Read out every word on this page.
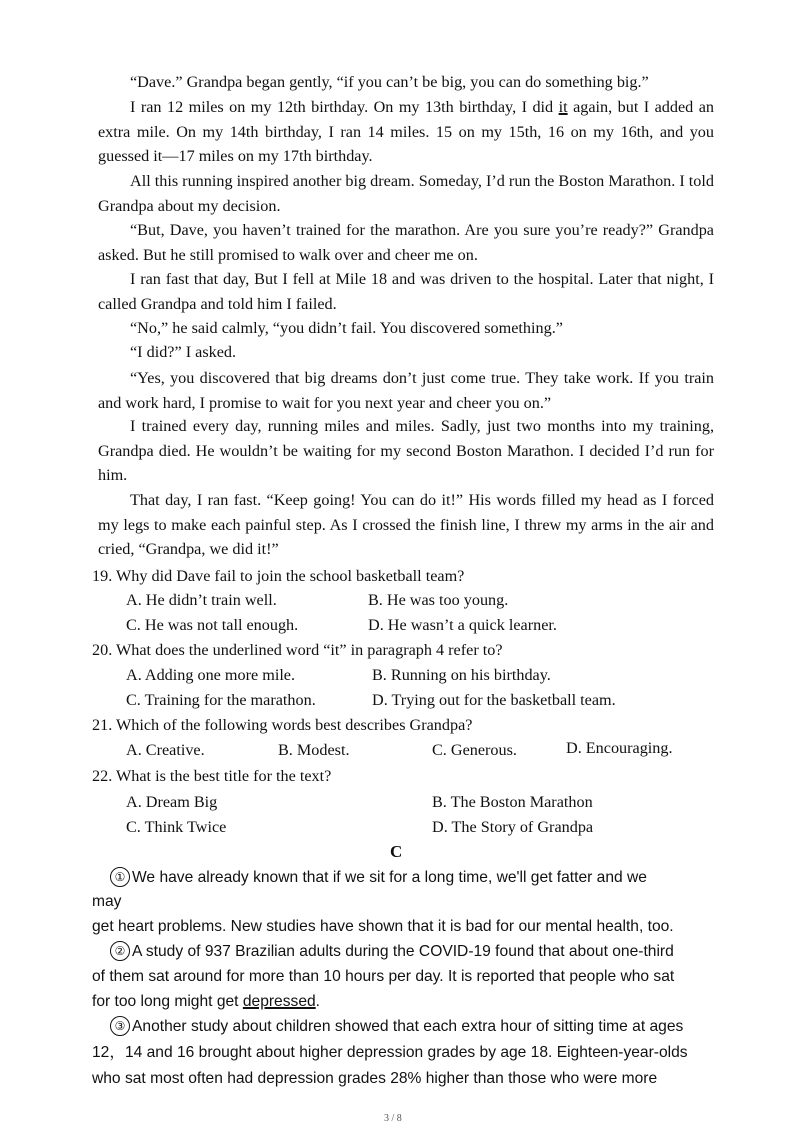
“Dave.” Grandpa began gently, “if you can’t be big, you can do something big.”

I ran 12 miles on my 12th birthday. On my 13th birthday, I did it again, but I added an extra mile. On my 14th birthday, I ran 14 miles. 15 on my 15th, 16 on my 16th, and you guessed it—17 miles on my 17th birthday.

All this running inspired another big dream. Someday, I’d run the Boston Marathon. I told Grandpa about my decision.

“But, Dave, you haven’t trained for the marathon. Are you sure you’re ready?” Grandpa asked. But he still promised to walk over and cheer me on.

I ran fast that day, But I fell at Mile 18 and was driven to the hospital. Later that night, I called Grandpa and told him I failed.

“No,” he said calmly, “you didn’t fail. You discovered something.”

“I did?” I asked.

“Yes, you discovered that big dreams don’t just come true. They take work. If you train and work hard, I promise to wait for you next year and cheer you on.”

I trained every day, running miles and miles. Sadly, just two months into my training, Grandpa died. He wouldn’t be waiting for my second Boston Marathon. I decided I’d run for him.

That day, I ran fast. “Keep going! You can do it!” His words filled my head as I forced my legs to make each painful step. As I crossed the finish line, I threw my arms in the air and cried, “Grandpa, we did it!”

19. Why did Dave fail to join the school basketball team?

A. He didn’t train well.	B. He was too young.

C. He was not tall enough.	D. He wasn’t a quick learner.

20. What does the underlined word “it” in paragraph 4 refer to?

A. Adding one more mile.	B. Running on his birthday.

C. Training for the marathon.	D. Trying out for the basketball team.

21. Which of the following words best describes Grandpa?

A. Creative.	B. Modest.	C. Generous.	D. Encouraging.

22. What is the best title for the text?

A. Dream Big	B. The Boston Marathon

C. Think Twice	D. The Story of Grandpa

C

① We have already known that if we sit for a long time, we'll get fatter and we

may

get heart problems. New studies have shown that it is bad for our mental health, too.

② A study of 937 Brazilian adults during the COVID-19 found that about one-third

of them sat around for more than 10 hours per day. It is reported that people who sat

for too long might get depressed.

③ Another study about children showed that each extra hour of sitting time at ages

12，14 and 16 brought about higher depression grades by age 18. Eighteen-year-olds

who sat most often had depression grades 28% higher than those who were more

3 / 8
